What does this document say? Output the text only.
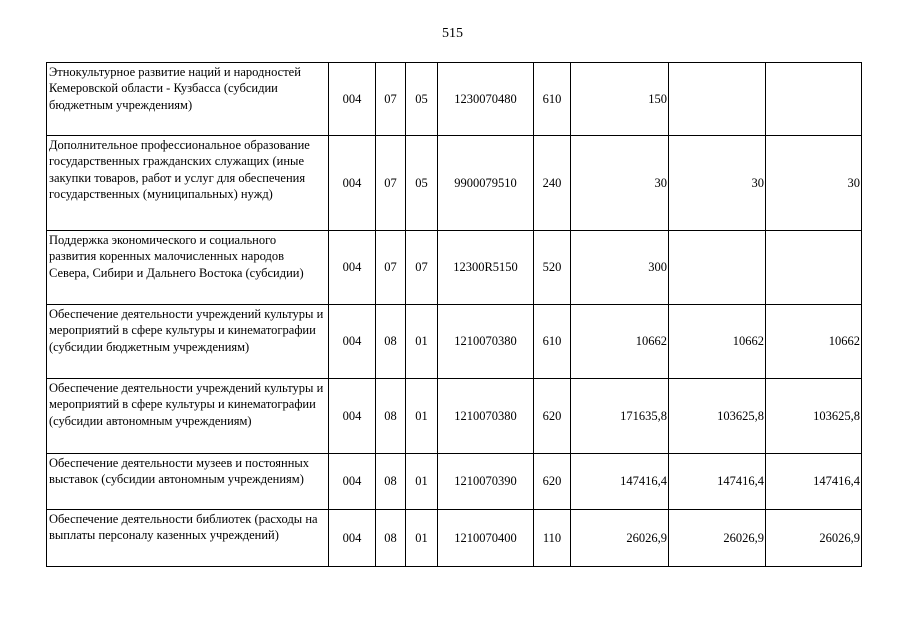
515
Этнокультурное развитие наций и народностей Кемеровской области - Кузбасса (субсидии бюджетным учреждениям)	004	07	05	1230070480	610	150		
Дополнительное профессиональное образование государственных гражданских служащих (иные закупки товаров, работ и услуг для обеспечения государственных (муниципальных) нужд)	004	07	05	9900079510	240	30	30	30
Поддержка экономического и социального развития коренных малочисленных народов Севера, Сибири и Дальнего Востока (субсидии)	004	07	07	12300R5150	520	300		
Обеспечение деятельности учреждений культуры и мероприятий в сфере культуры и кинематографии (субсидии бюджетным учреждениям)	004	08	01	1210070380	610	10662	10662	10662
Обеспечение деятельности учреждений культуры и мероприятий в сфере культуры и кинематографии (субсидии автономным учреждениям)	004	08	01	1210070380	620	171635,8	103625,8	103625,8
Обеспечение деятельности музеев и постоянных выставок (субсидии автономным учреждениям)	004	08	01	1210070390	620	147416,4	147416,4	147416,4
Обеспечение деятельности библиотек (расходы на выплаты персоналу казенных учреждений)	004	08	01	1210070400	110	26026,9	26026,9	26026,9
